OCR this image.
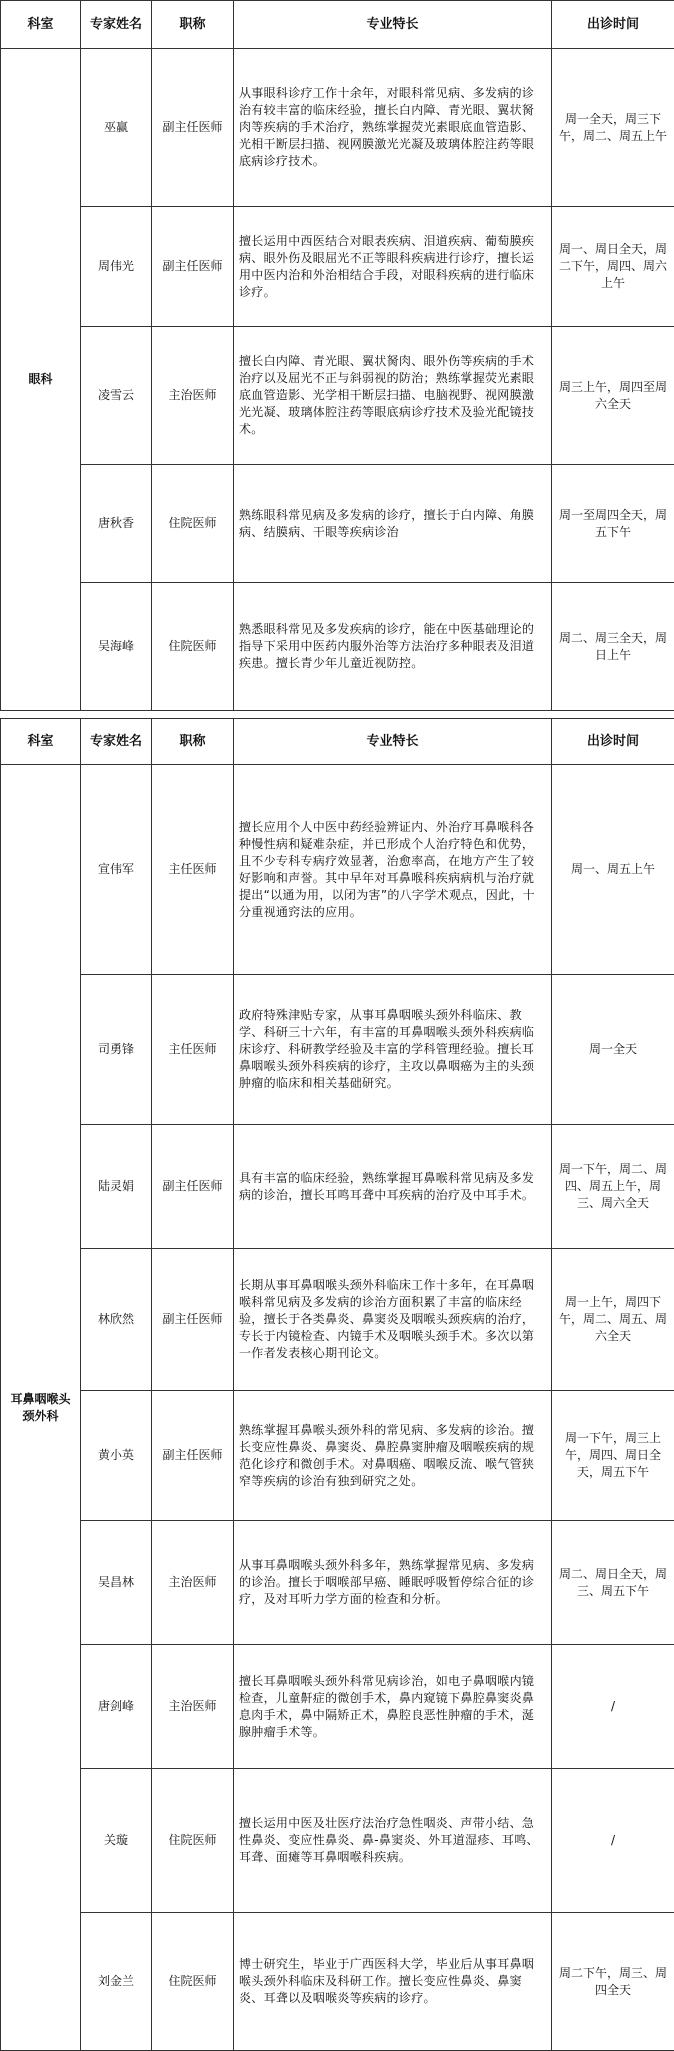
科室	专家姓名	职称	专业特长	出诊时间
眼科	巫赢	副主任医师	从事眼科诊疗工作十余年，对眼科常见病、多发病的诊治有较丰富的临床经验，擅长白内障、青光眼、翼状胬肉等疾病的手术治疗，熟练掌握荧光素眼底血管造影、光相干断层扫描、视网膜激光光凝及玻璃体腔注药等眼底病诊疗技术。	周一全天，周三下午，周二、周五上午
	周伟光	副主任医师	擅长运用中西医结合对眼表疾病、泪道疾病、葡萄膜疾病、眼外伤及眼屈光不正等眼科疾病进行诊疗，擅长运用中医内治和外治相结合手段，对眼科疾病的进行临床诊疗。	周一、周日全天，周二下午，周四、周六上午
	凌雪云	主治医师	擅长白内障、青光眼、翼状胬肉、眼外伤等疾病的手术治疗以及屈光不正与斜弱视的防治；熟练掌握荧光素眼底血管造影、光学相干断层扫描、电脑视野、视网膜激光光凝、玻璃体腔注药等眼底病诊疗技术及验光配镜技术。	周三上午，周四至周六全天
	唐秋香	住院医师	熟练眼科常见病及多发病的诊疗，擅长于白内障、角膜病、结膜病、干眼等疾病诊治	周一至周四全天，周五下午
	吴海峰	住院医师	熟悉眼科常见及多发疾病的诊疗，能在中医基础理论的指导下采用中医药内服外治等方法治疗多种眼表及泪道疾患。擅长青少年儿童近视防控。	周二、周三全天，周日上午
科室	专家姓名	职称	专业特长	出诊时间
耳鼻咽喉头颈外科	宣伟军	主任医师	擅长应用个人中医中药经验辨证内、外治疗耳鼻喉科各种慢性病和疑难杂症，并已形成个人治疗特色和优势，且不少专科专病疗效显著，治愈率高，在地方产生了较好影响和声誉。其中早年对耳鼻喉科疾病病机与治疗就提出“以通为用，以闭为害”的八字学术观点，因此，十分重视通窍法的应用。	周一、周五上午
	司勇锋	主任医师	政府特殊津贴专家，从事耳鼻咽喉头颈外科临床、教学、科研三十六年，有丰富的耳鼻咽喉头颈外科疾病临床诊疗、科研教学经验及丰富的学科管理经验。擅长耳鼻咽喉头颈外科疾病的诊疗，主攻以鼻咽癌为主的头颈肿瘤的临床和相关基础研究。	周一全天
	陆灵娟	副主任医师	具有丰富的临床经验，熟练掌握耳鼻喉科常见病及多发病的诊治，擅长耳鸣耳聋中耳疾病的治疗及中耳手术。	周一下午，周二、周四、周五上午，周三、周六全天
	林欣然	副主任医师	长期从事耳鼻咽喉头颈外科临床工作十多年，在耳鼻咽喉科常见病及多发病的诊治方面积累了丰富的临床经验，擅长于各类鼻炎、鼻窦炎及咽喉头颈疾病的治疗，专长于内镜检查、内镜手术及咽喉头颈手术。多次以第一作者发表核心期刊论文。	周一上午，周四下午，周二、周五、周六全天
	黄小英	副主任医师	熟练掌握耳鼻喉头颈外科的常见病、多发病的诊治。擅长变应性鼻炎、鼻窦炎、鼻腔鼻窦肿瘤及咽喉疾病的规范化诊疗和微创手术。对鼻咽癌、咽喉反流、喉气管狭窄等疾病的诊治有独到研究之处。	周一下午，周三上午，周四、周日全天，周五下午
	吴昌林	主治医师	从事耳鼻咽喉头颈外科多年，熟练掌握常见病、多发病的诊治。擅长于咽喉部早癌、睡眠呼吸暂停综合征的诊疗，及对耳听力学方面的检查和分析。	周二、周日全天，周三、周五下午
	唐剑峰	主治医师	擅长耳鼻咽喉头颈外科常见病诊治，如电子鼻咽喉内镜检查，儿童鼾症的微创手术，鼻内窥镜下鼻腔鼻窦炎鼻息肉手术，鼻中隔矫正术，鼻腔良恶性肿瘤的手术，涎腺肿瘤手术等。	/
	关璇	住院医师	擅长运用中医及壮医疗法治疗急性咽炎、声带小结、急性鼻炎、变应性鼻炎、鼻-鼻窦炎、外耳道湿疹、耳鸣、耳聋、面瘫等耳鼻咽喉科疾病。	/
	刘金兰	住院医师	博士研究生，毕业于广西医科大学，毕业后从事耳鼻咽喉头颈外科临床及科研工作。擅长变应性鼻炎、鼻窦炎、耳聋以及咽喉炎等疾病的诊疗。	周二下午，周三、周四全天
